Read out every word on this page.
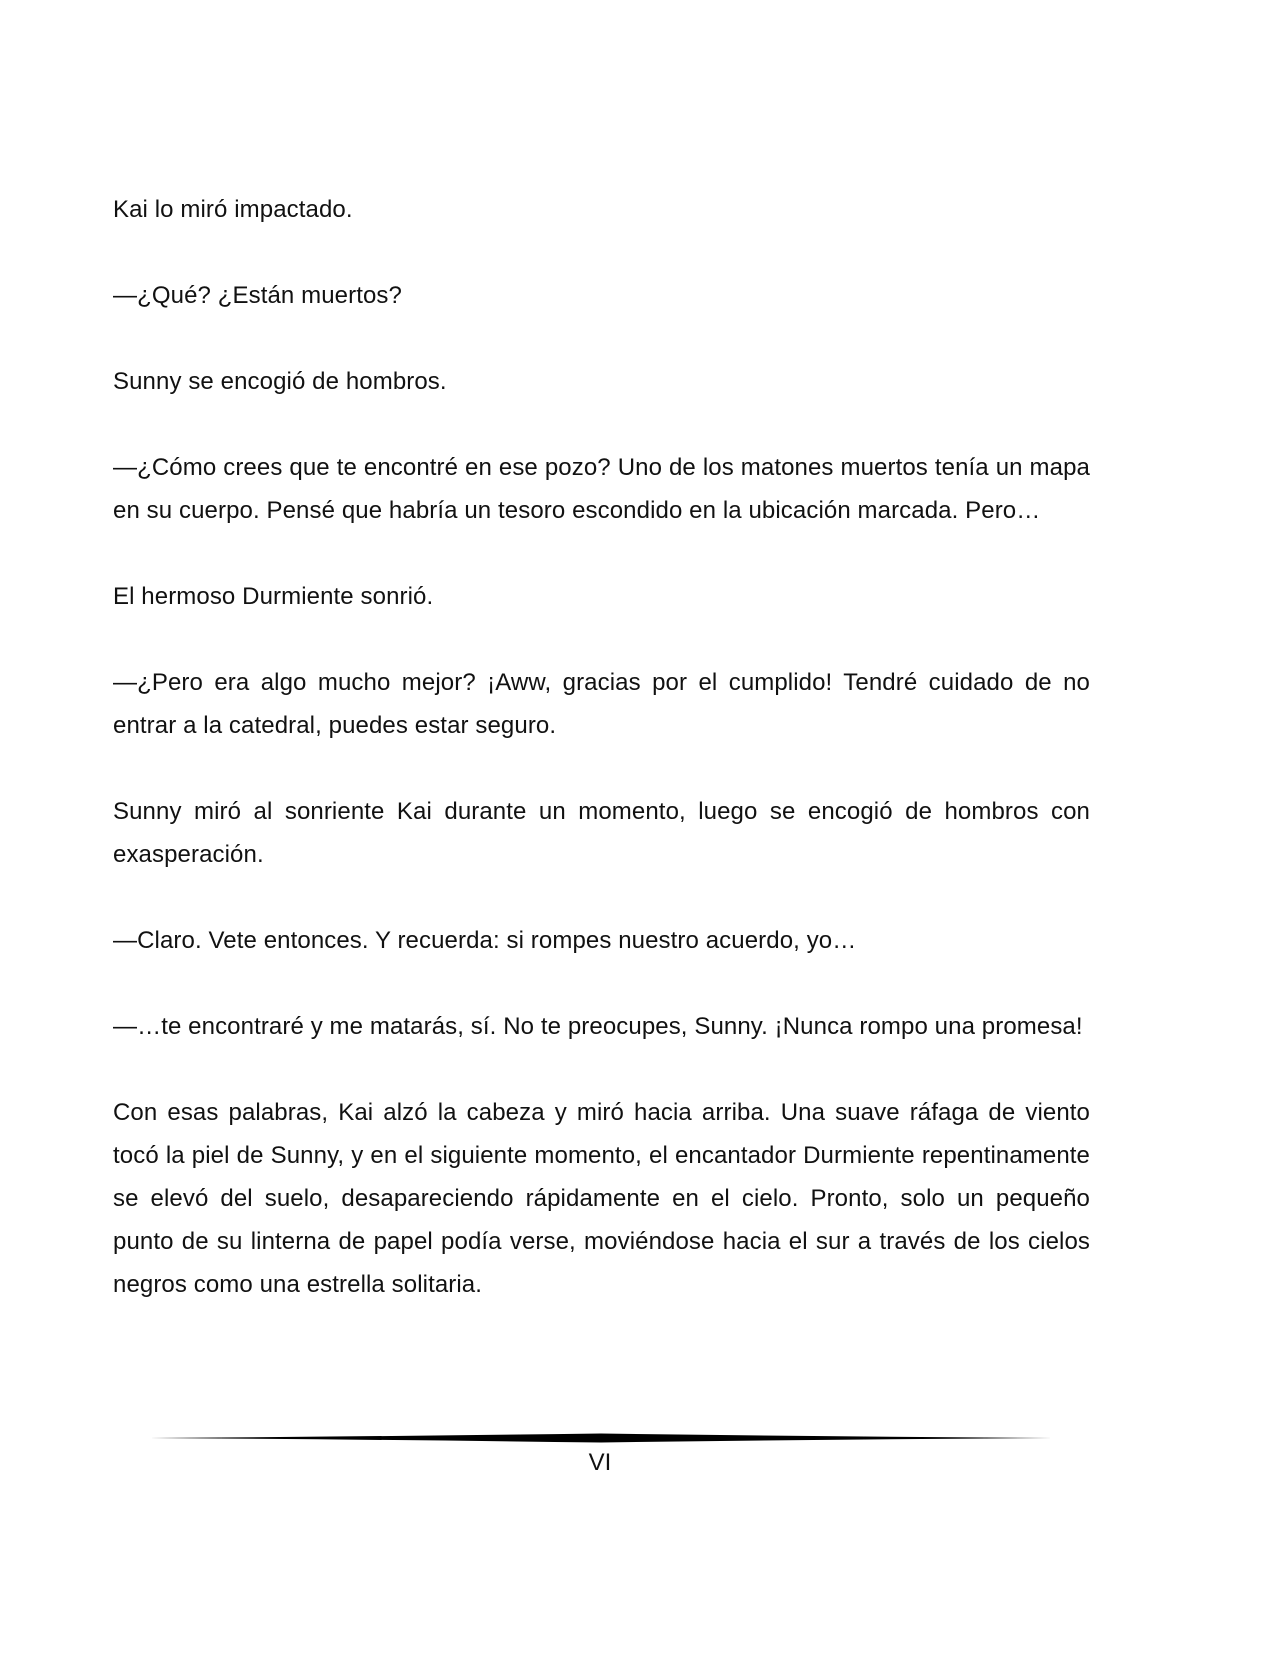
Kai lo miró impactado.

—¿Qué? ¿Están muertos?

Sunny se encogió de hombros.

—¿Cómo crees que te encontré en ese pozo? Uno de los matones muertos tenía un mapa en su cuerpo. Pensé que habría un tesoro escondido en la ubicación marcada. Pero…

El hermoso Durmiente sonrió.

—¿Pero era algo mucho mejor? ¡Aww, gracias por el cumplido! Tendré cuidado de no entrar a la catedral, puedes estar seguro.

Sunny miró al sonriente Kai durante un momento, luego se encogió de hombros con exasperación.

—Claro. Vete entonces. Y recuerda: si rompes nuestro acuerdo, yo…

—…te encontraré y me matarás, sí. No te preocupes, Sunny. ¡Nunca rompo una promesa!

Con esas palabras, Kai alzó la cabeza y miró hacia arriba. Una suave ráfaga de viento tocó la piel de Sunny, y en el siguiente momento, el encantador Durmiente repentinamente se elevó del suelo, desapareciendo rápidamente en el cielo. Pronto, solo un pequeño punto de su linterna de papel podía verse, moviéndose hacia el sur a través de los cielos negros como una estrella solitaria.

VI
